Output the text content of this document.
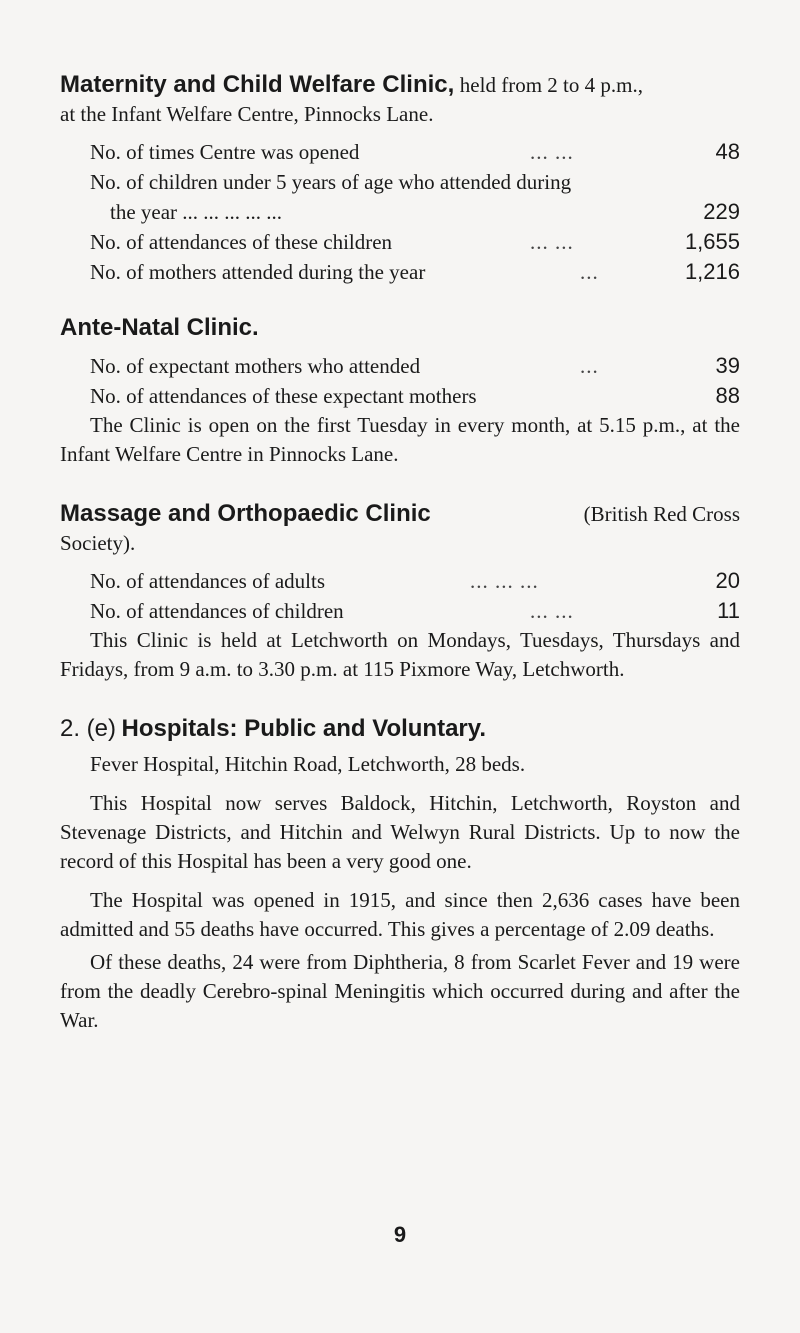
Maternity and Child Welfare Clinic, held from 2 to 4 p.m.,

at the Infant Welfare Centre, Pinnocks Lane.

No. of times Centre was opened	... ...	48
No. of children under 5 years of age who attended during
the year ... ... ... ... ...	229
No. of attendances of these children	... ...	1,655
No. of mothers attended during the year	...	1,216

Ante-Natal Clinic.

No. of expectant mothers who attended	...	39
No. of attendances of these expectant mothers	88

The Clinic is open on the first Tuesday in every month, at 5.15 p.m., at the Infant Welfare Centre in Pinnocks Lane.

Massage and Orthopaedic Clinic	(British Red Cross

Society).

No. of attendances of adults	... ... ...	20
No. of attendances of children	... ...	11

This Clinic is held at Letchworth on Mondays, Tuesdays, Thursdays and Fridays, from 9 a.m. to 3.30 p.m. at 115 Pixmore Way, Letchworth.

2. (e) Hospitals: Public and Voluntary.

Fever Hospital, Hitchin Road, Letchworth, 28 beds.

This Hospital now serves Baldock, Hitchin, Letchworth, Royston and Stevenage Districts, and Hitchin and Welwyn Rural Districts. Up to now the record of this Hospital has been a very good one.

The Hospital was opened in 1915, and since then 2,636 cases have been admitted and 55 deaths have occurred. This gives a percentage of 2.09 deaths.

Of these deaths, 24 were from Diphtheria, 8 from Scarlet Fever and 19 were from the deadly Cerebro-spinal Meningitis which occurred during and after the War.

9
